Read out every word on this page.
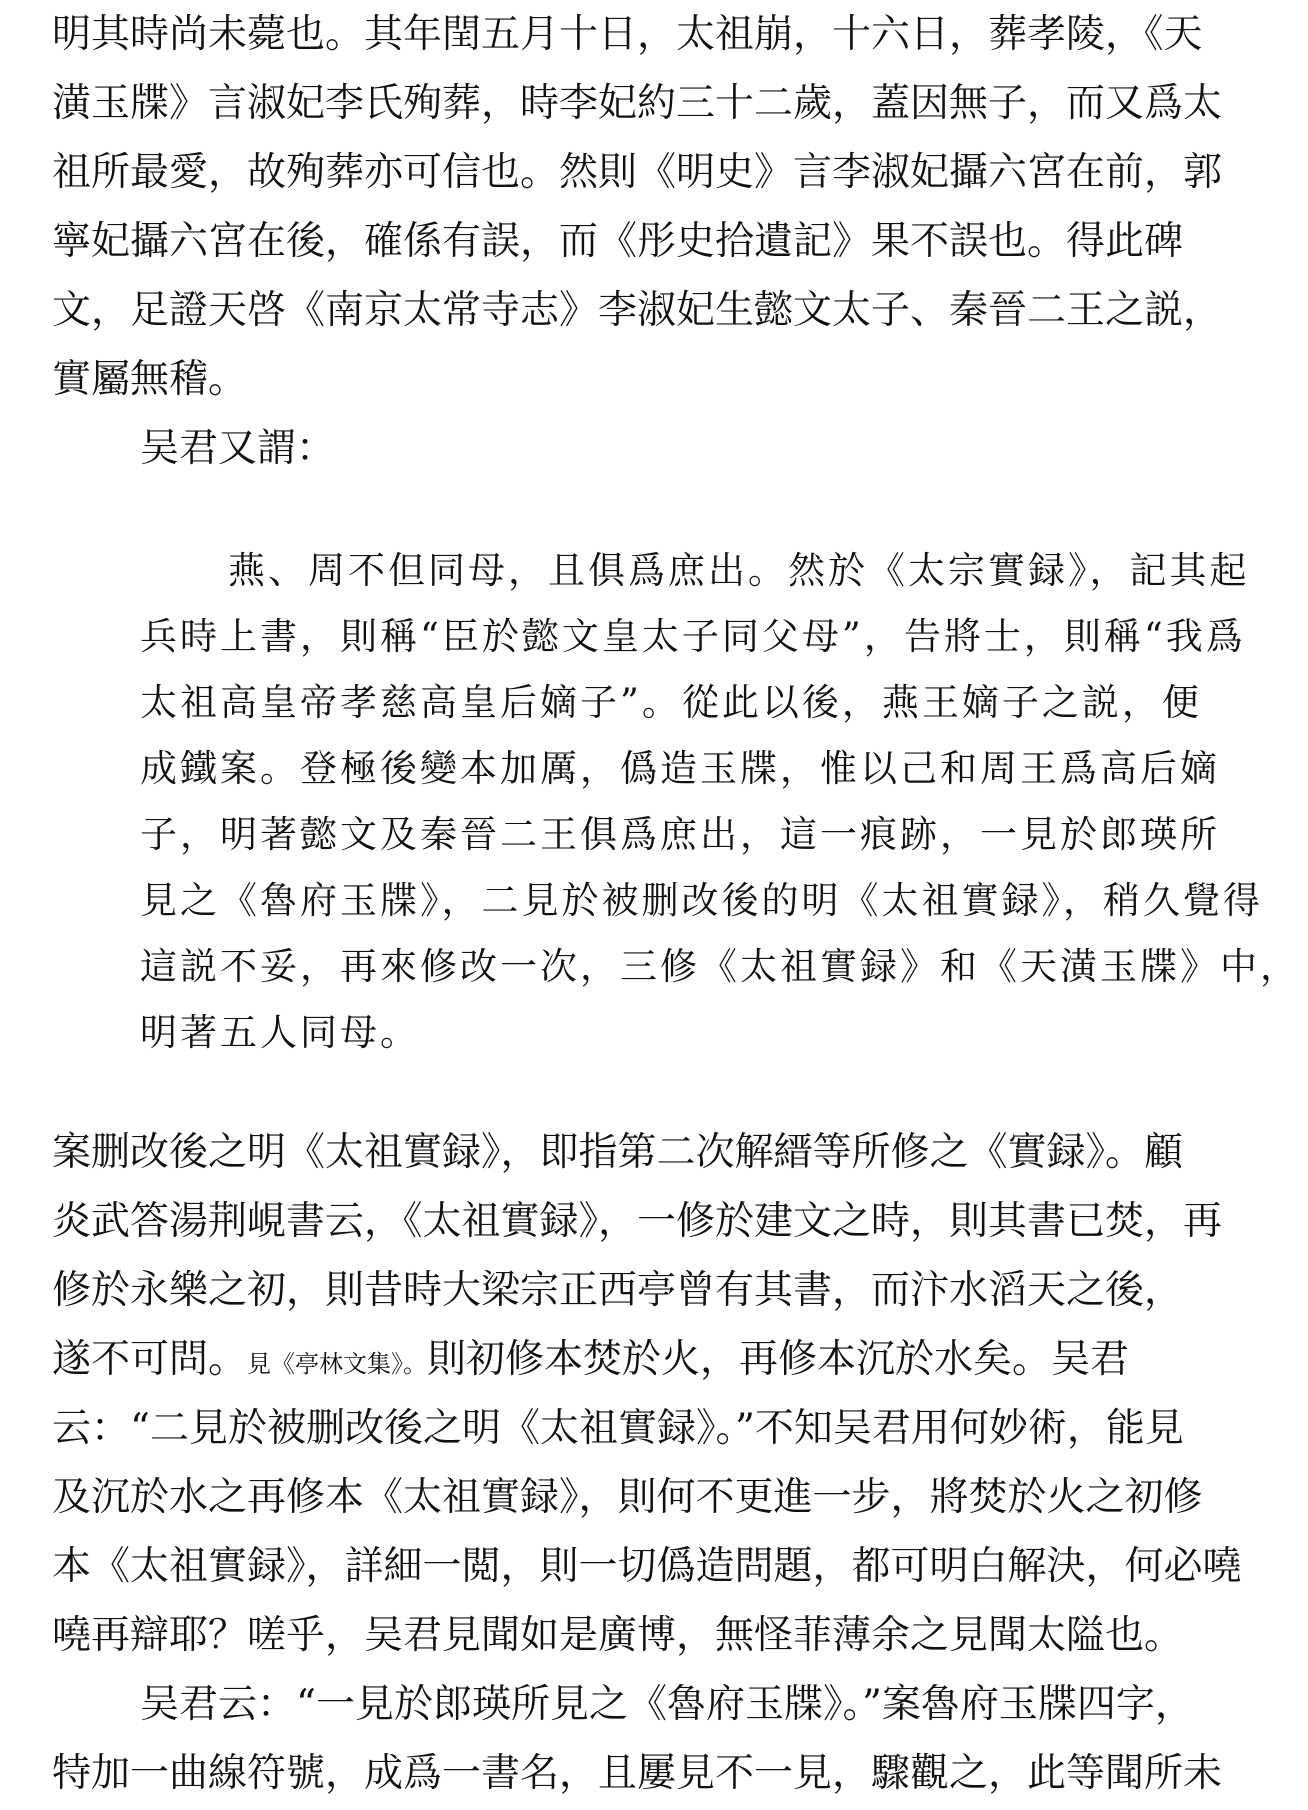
明其時尚未薨也。其年閏五月十日，太祖崩，十六日，葬孝陵，《天
潢玉牒》言淑妃李氏殉葬，時李妃約三十二歲，蓋因無子，而又爲太
祖所最愛，故殉葬亦可信也。然則《明史》言李淑妃攝六宮在前，郭
寧妃攝六宮在後，確係有誤，而《彤史拾遺記》果不誤也。得此碑
文，足證天啓《南京太常寺志》李淑妃生懿文太子、秦晉二王之説，
實屬無稽。
吴君又謂：
燕、周不但同母，且俱爲庶出。然於《太宗實録》，記其起
兵時上書，則稱“臣於懿文皇太子同父母”，告將士，則稱“我爲
太祖高皇帝孝慈高皇后嫡子”。從此以後，燕王嫡子之説，便
成鐵案。登極後變本加厲，僞造玉牒，惟以己和周王爲高后嫡
子，明著懿文及秦晉二王俱爲庶出，這一痕跡，一見於郎瑛所
見之《魯府玉牒》，二見於被删改後的明《太祖實録》，稍久覺得
這説不妥，再來修改一次，三修《太祖實録》和《天潢玉牒》中，
明著五人同母。
案删改後之明《太祖實録》，即指第二次解縉等所修之《實録》。顧
炎武答湯荆峴書云，《太祖實録》，一修於建文之時，則其書已焚，再
修於永樂之初，則昔時大梁宗正西亭曾有其書，而汴水滔天之後，
遂不可問。見《亭林文集》。則初修本焚於火，再修本沉於水矣。吴君
云：“二見於被删改後之明《太祖實録》。”不知吴君用何妙術，能見
及沉於水之再修本《太祖實録》，則何不更進一步，將焚於火之初修
本《太祖實録》，詳細一閲，則一切僞造問題，都可明白解決，何必嘵
嘵再辯耶？嗟乎，吴君見聞如是廣博，無怪菲薄余之見聞太隘也。
吴君云：“一見於郎瑛所見之《魯府玉牒》。”案魯府玉牒四字，
特加一曲線符號，成爲一書名，且屢見不一見，驟觀之，此等聞所未
